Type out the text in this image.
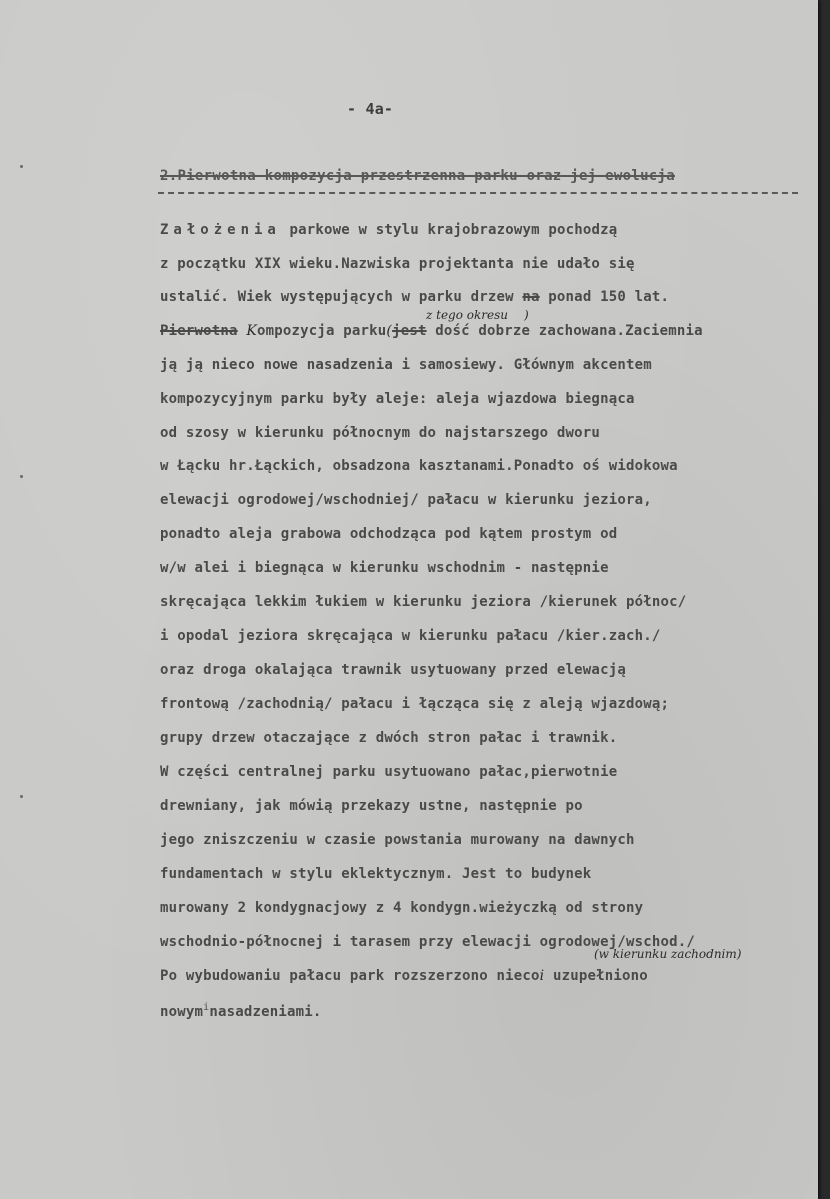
- 4a-

2.Pierwotna kompozycja przestrzenna parku oraz jej ewolucja

z tego okresu )
(w kierunku zachodnim)

Założenia parkowe w stylu krajobrazowym pochodzą

z początku XIX wieku.Nazwiska projektanta nie udało się

ustalić. Wiek występujących w parku drzew na ponad 150 lat.

Pierwotna Kompozycja parku(jest dość dobrze zachowana.Zaciemnia

ją ją nieco nowe nasadzenia i samosiewy. Głównym akcentem

kompozycyjnym parku były aleje: aleja wjazdowa biegnąca

od szosy w kierunku północnym do najstarszego dworu

w Łącku hr.Łąckich, obsadzona kasztanami.Ponadto oś widokowa

elewacji ogrodowej/wschodniej/ pałacu w kierunku jeziora,

ponadto aleja grabowa odchodząca pod kątem prostym od

w/w alei i biegnąca w kierunku wschodnim - następnie

skręcająca lekkim łukiem w kierunku jeziora /kierunek północ/

i opodal jeziora skręcająca w kierunku pałacu /kier.zach./

oraz droga okalająca trawnik usytuowany przed elewacją

frontową /zachodnią/ pałacu i łącząca się z aleją wjazdową;

grupy drzew otaczające z dwóch stron pałac i trawnik.

W części centralnej parku usytuowano pałac,pierwotnie

drewniany, jak mówią przekazy ustne, następnie po

jego zniszczeniu w czasie powstania murowany na dawnych

fundamentach w stylu eklektycznym. Jest to budynek

murowany 2 kondygnacjowy z 4 kondygn.wieżyczką od strony

wschodnio-północnej i tarasem przy elewacji ogrodowej/wschod./

Po wybudowaniu pałacu park rozszerzono niecoi uzupełniono

nowym$^i$nasadzeniami.
